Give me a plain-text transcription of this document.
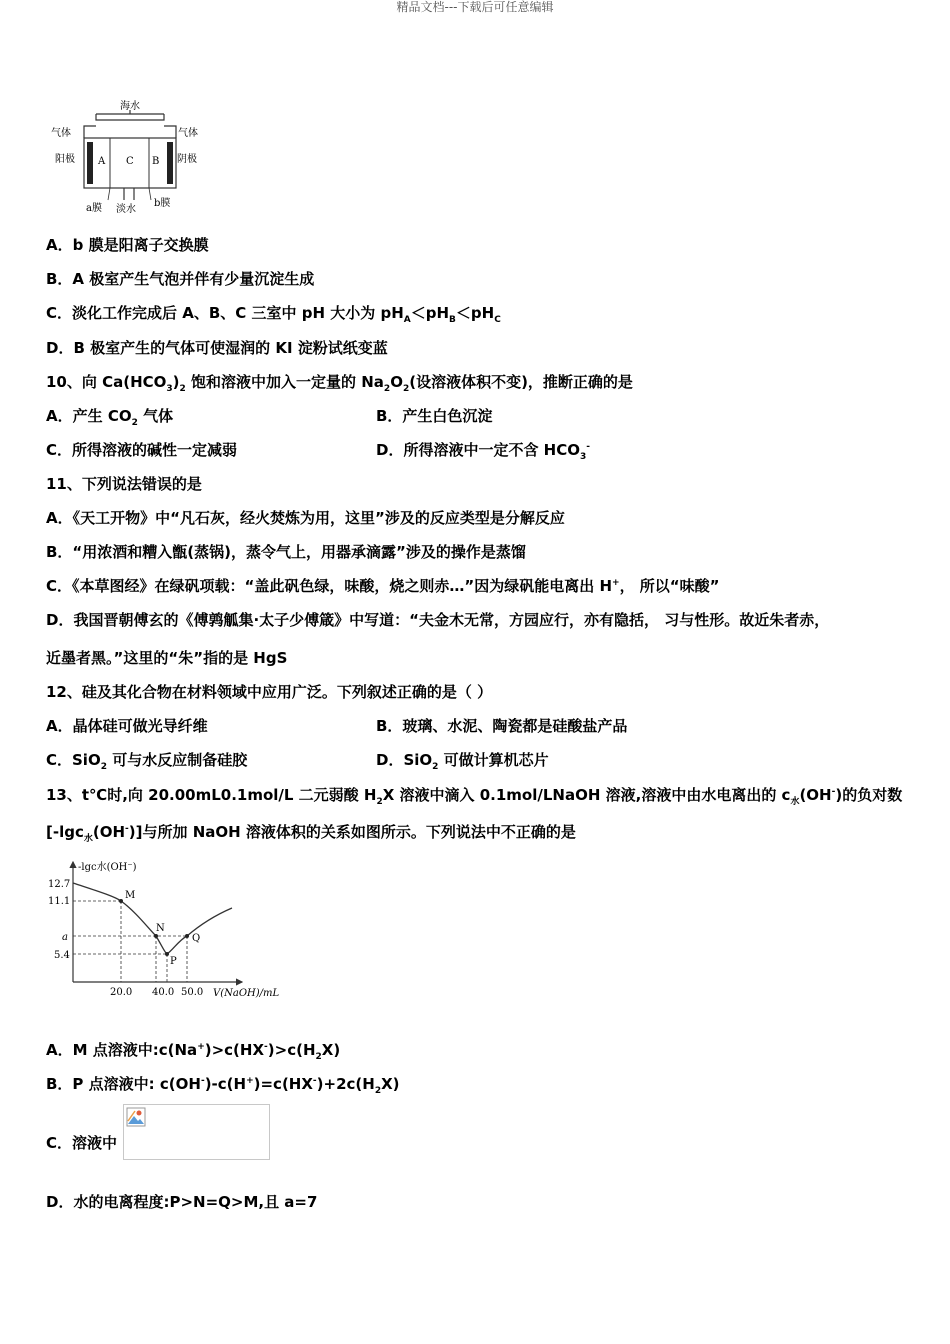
精品文档---下载后可任意编辑
海水
气体	气体
阳极	阴极
A C B
a膜 淡水
b膜
A．b 膜是阳离子交换膜
B．A 极室产生气泡并伴有少量沉淀生成
C．淡化工作完成后 A、B、C 三室中 pH 大小为 $pH_A<pH_B<pH_C$
D．B 极室产生的气体可使湿润的 KI 淀粉试纸变蓝
10、向 $Ca(HCO_3)_2$ 饱和溶液中加入一定量的 $Na_2O_2$(设溶液体积不变)，推断正确的是
A．产生 $CO_2$ 气体	B．产生白色沉淀
C．所得溶液的碱性一定减弱	D．所得溶液中一定不含 $HCO_3^-$
11、下列说法错误的是
A．《天工开物》中“凡石灰，经火焚炼为用，这里”涉及的反应类型是分解反应
B．“用浓酒和糟入甑(蒸锅)，蒸令气上，用器承滴露”涉及的操作是蒸馏
C．《本草图经》在绿矾项载：“盖此矾色绿，味酸，烧之则赤…”因为绿矾能电离出 H+， 所以“味酸”
D．我国晋朝傅玄的《傅鹑觚集·太子少傅箴》中写道：“夫金木无常，方园应行，亦有隐括， 习与性形。故近朱者赤，
近墨者黑。”这里的“朱”指的是 HgS
12、硅及其化合物在材料领域中应用广泛。下列叙述正确的是（ ）
A．晶体硅可做光导纤维	B．玻璃、水泥、陶瓷都是硅酸盐产品
C．SiO$_2$ 可与水反应制备硅胶	D．SiO$_2$ 可做计算机芯片
13、t℃时,向 20.00mL0.1mol/L 二元弱酸 $H_2X$ 溶液中滴入 0.1mol/LNaOH 溶液,溶液中由水电离出的 $c_水(OH^-)$的负对数
[-lgc$_水$(OH-)]与所加 NaOH 溶液体积的关系如图所示。下列说法中不正确的是
-lgc水(OH⁻)
V(NaOH)/mL
12.7
11.1
a
5.4
20.0 40.0 50.0
M
N
P
Q
A．M 点溶液中$:c(Na^+)>c(HX^-)>c(H_2X)$
B．P 点溶液中: $c(OH^-)-c(H^+)=c(HX^-)+2c(H_2X)$
C．溶液中
D．水的电离程度:P>N=Q>M,且 a=7
